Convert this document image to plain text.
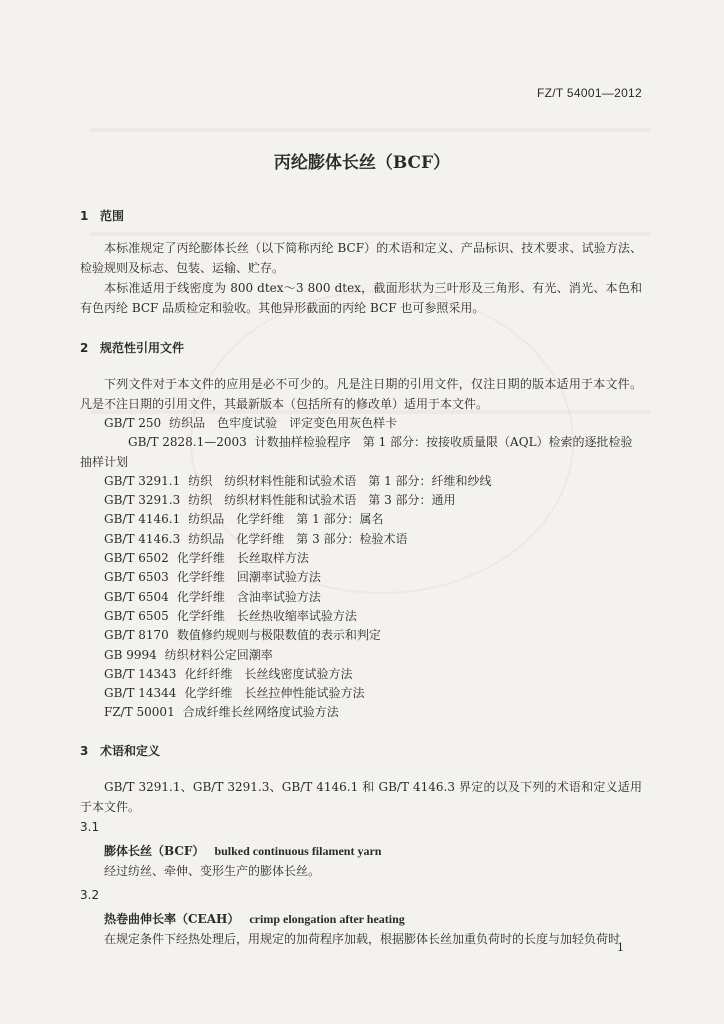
FZ/T 54001—2012
丙纶膨体长丝（BCF）
1 范围

本标准规定了丙纶膨体长丝（以下简称丙纶 BCF）的术语和定义、产品标识、技术要求、试验方法、检验规则及标志、包装、运输、贮存。

本标准适用于线密度为 800 dtex～3 800 dtex，截面形状为三叶形及三角形、有光、消光、本色和有色丙纶 BCF 品质检定和验收。其他异形截面的丙纶 BCF 也可参照采用。

2 规范性引用文件

下列文件对于本文件的应用是必不可少的。凡是注日期的引用文件，仅注日期的版本适用于本文件。凡是不注日期的引用文件，其最新版本（包括所有的修改单）适用于本文件。

GB/T 250 纺织品　色牢度试验　评定变色用灰色样卡
GB/T 2828.1—2003 计数抽样检验程序　第 1 部分：按接收质量限（AQL）检索的逐批检验抽样计划
GB/T 3291.1 纺织　纺织材料性能和试验术语　第 1 部分：纤维和纱线
GB/T 3291.3 纺织　纺织材料性能和试验术语　第 3 部分：通用
GB/T 4146.1 纺织品　化学纤维　第 1 部分：属名
GB/T 4146.3 纺织品　化学纤维　第 3 部分：检验术语
GB/T 6502 化学纤维　长丝取样方法
GB/T 6503 化学纤维　回潮率试验方法
GB/T 6504 化学纤维　含油率试验方法
GB/T 6505 化学纤维　长丝热收缩率试验方法
GB/T 8170 数值修约规则与极限数值的表示和判定
GB 9994 纺织材料公定回潮率
GB/T 14343 化纤纤维　长丝线密度试验方法
GB/T 14344 化学纤维　长丝拉伸性能试验方法
FZ/T 50001 合成纤维长丝网络度试验方法
3 术语和定义

GB/T 3291.1、GB/T 3291.3、GB/T 4146.1 和 GB/T 4146.3 界定的以及下列的术语和定义适用于本文件。

3.1
膨体长丝（BCF） bulked continuous filament yarn

经过纺丝、牵伸、变形生产的膨体长丝。

3.2
热卷曲伸长率（CEAH） crimp elongation after heating

在规定条件下经热处理后，用规定的加荷程序加载，根据膨体长丝加重负荷时的长度与加轻负荷时

1
